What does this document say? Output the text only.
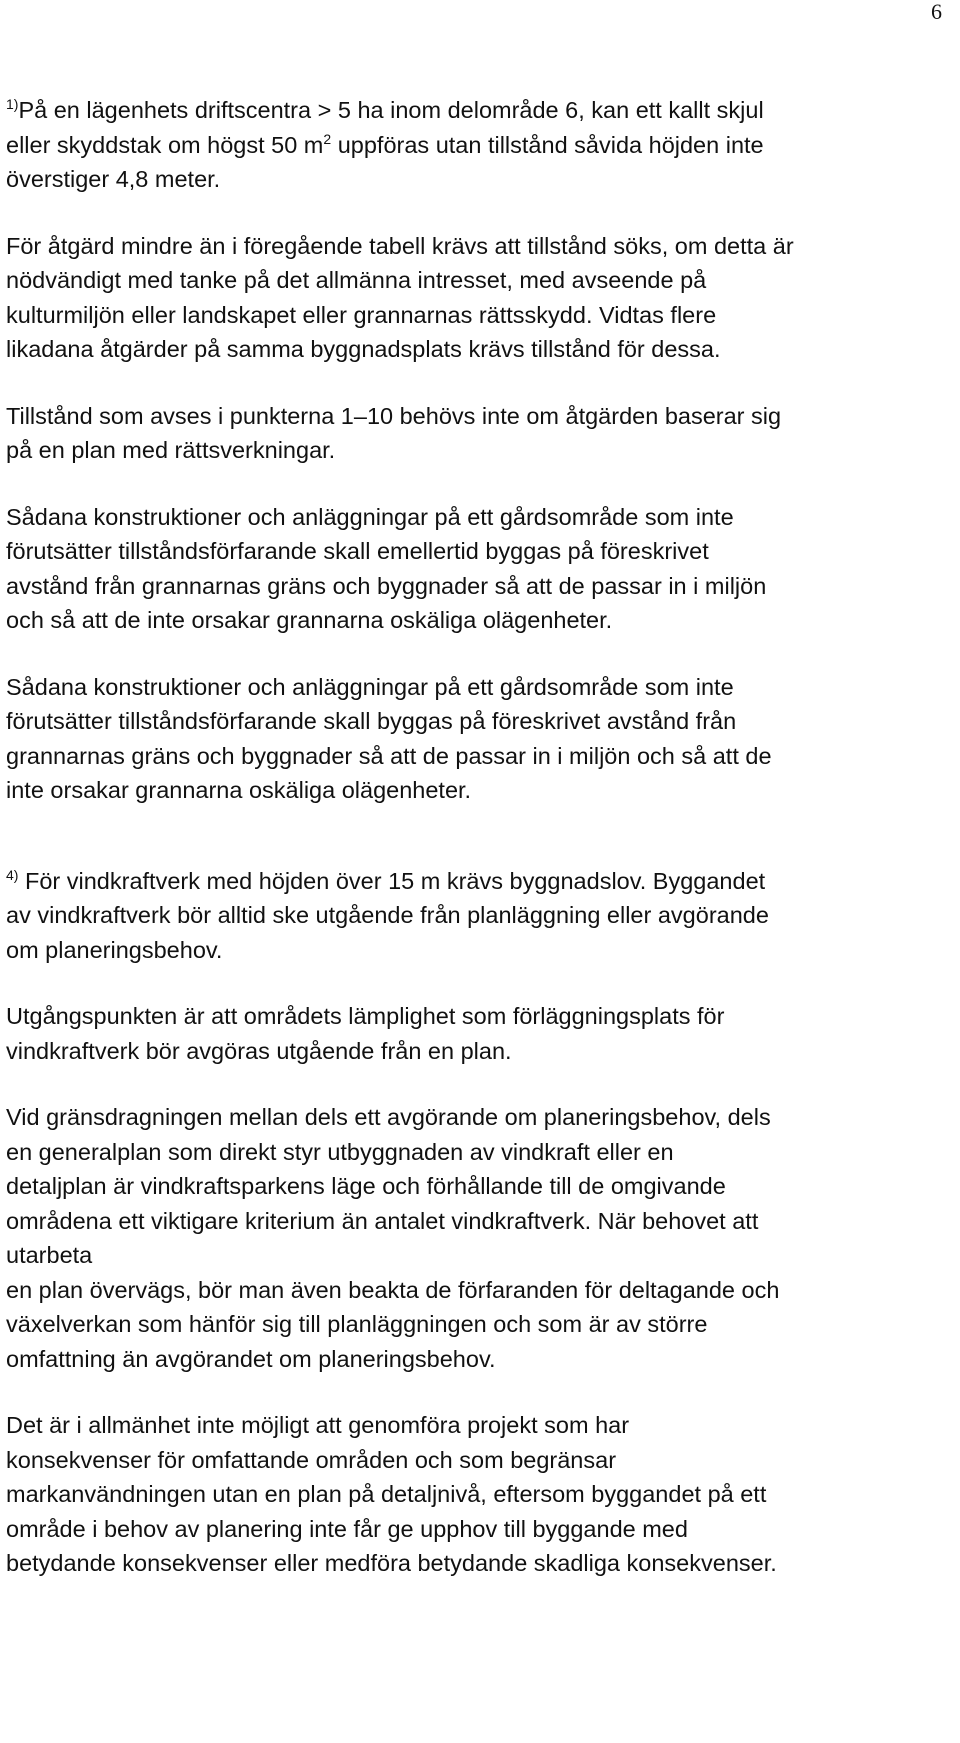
6

$^{1)}$På en lägenhets driftscentra > 5 ha inom delområde 6, kan ett kallt skjul
eller skyddstak om högst 50 $m^2$ uppföras utan tillstånd såvida höjden inte
överstiger 4,8 meter.

För åtgärd mindre än i föregående tabell krävs att tillstånd söks, om detta är
nödvändigt med tanke på det allmänna intresset, med avseende på
kulturmiljön eller landskapet eller grannarnas rättsskydd. Vidtas flere
likadana åtgärder på samma byggnadsplats krävs tillstånd för dessa.

Tillstånd som avses i punkterna 1–10 behövs inte om åtgärden baserar sig
på en plan med rättsverkningar.

Sådana konstruktioner och anläggningar på ett gårdsområde som inte
förutsätter tillståndsförfarande skall emellertid byggas på föreskrivet
avstånd från grannarnas gräns och byggnader så att de passar in i miljön
och så att de inte orsakar grannarna oskäliga olägenheter.

Sådana konstruktioner och anläggningar på ett gårdsområde som inte
förutsätter tillståndsförfarande skall byggas på föreskrivet avstånd från
grannarnas gräns och byggnader så att de passar in i miljön och så att de
inte orsakar grannarna oskäliga olägenheter.

$^{4)}$ För vindkraftverk med höjden över 15 m krävs byggnadslov. Byggandet
av vindkraftverk bör alltid ske utgående från planläggning eller avgörande
om planeringsbehov.

Utgångspunkten är att områdets lämplighet som förläggningsplats för
vindkraftverk bör avgöras utgående från en plan.

Vid gränsdragningen mellan dels ett avgörande om planeringsbehov, dels
en generalplan som direkt styr utbyggnaden av vindkraft eller en
detaljplan är vindkraftsparkens läge och förhållande till de omgivande
områdena ett viktigare kriterium än antalet vindkraftverk. När behovet att
utarbeta
en plan övervägs, bör man även beakta de förfaranden för deltagande och
växelverkan som hänför sig till planläggningen och som är av större
omfattning än avgörandet om planeringsbehov.

Det är i allmänhet inte möjligt att genomföra projekt som har
konsekvenser för omfattande områden och som begränsar
markanvändningen utan en plan på detaljnivå, eftersom byggandet på ett
område i behov av planering inte får ge upphov till byggande med
betydande konsekvenser eller medföra betydande skadliga konsekvenser.
